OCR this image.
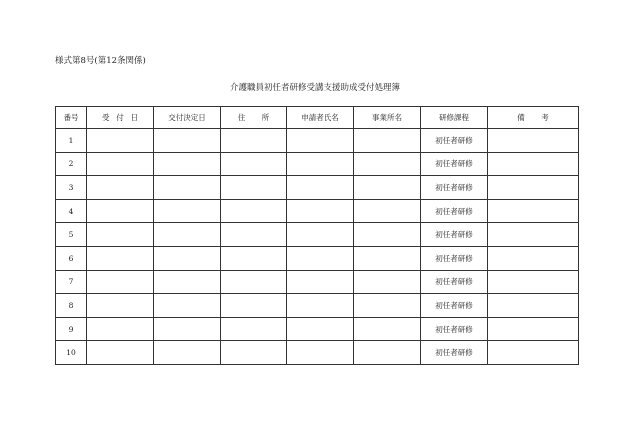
様式第8号(第12条関係)
介護職員初任者研修受講支援助成受付処理簿
番号	受付日	交付決定日	住所	申請者氏名	事業所名	研修課程	備考
1						初任者研修	
2						初任者研修	
3						初任者研修	
4						初任者研修	
5						初任者研修	
6						初任者研修	
7						初任者研修	
8						初任者研修	
9						初任者研修	
10						初任者研修	
